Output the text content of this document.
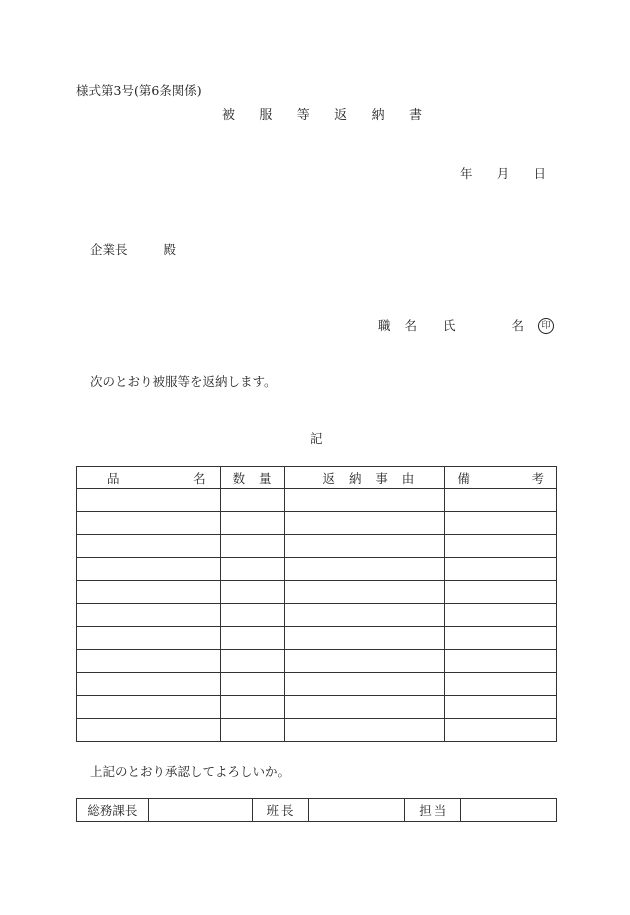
様式第3号(第6条関係)
被 服 等 返 納 書
年 月 日
企業長	殿
職 名 氏	名	印
次のとおり被服等を返納します。
記
品 名	数 量	返 納 事 由	備 考

上記のとおり承認してよろしいか。
総務課長		班 長		担 当
